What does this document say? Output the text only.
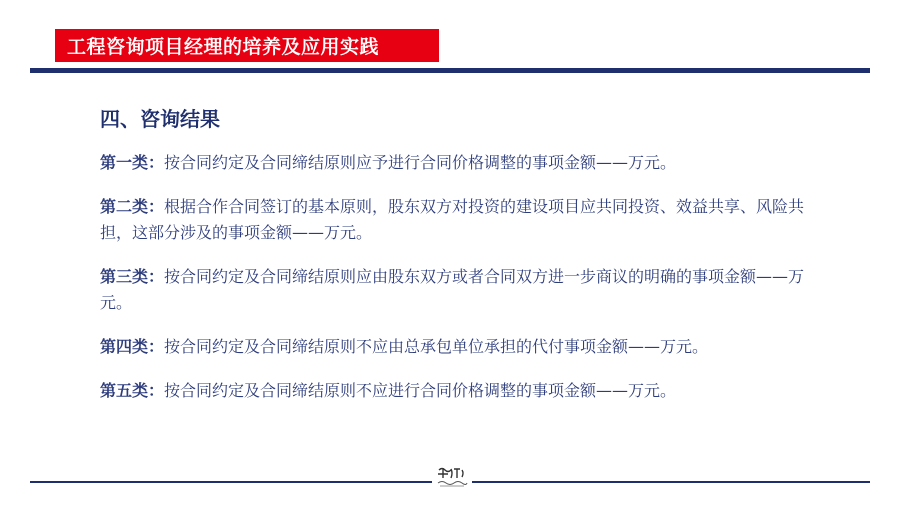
工程咨询项目经理的培养及应用实践
四、咨询结果
第一类：按合同约定及合同缔结原则应予进行合同价格调整的事项金额——万元。
第二类：根据合作合同签订的基本原则，股东双方对投资的建设项目应共同投资、效益共享、风险共担，这部分涉及的事项金额——万元。
第三类：按合同约定及合同缔结原则应由股东双方或者合同双方进一步商议的明确的事项金额——万元。
第四类：按合同约定及合同缔结原则不应由总承包单位承担的代付事项金额——万元。
第五类：按合同约定及合同缔结原则不应进行合同价格调整的事项金额——万元。
